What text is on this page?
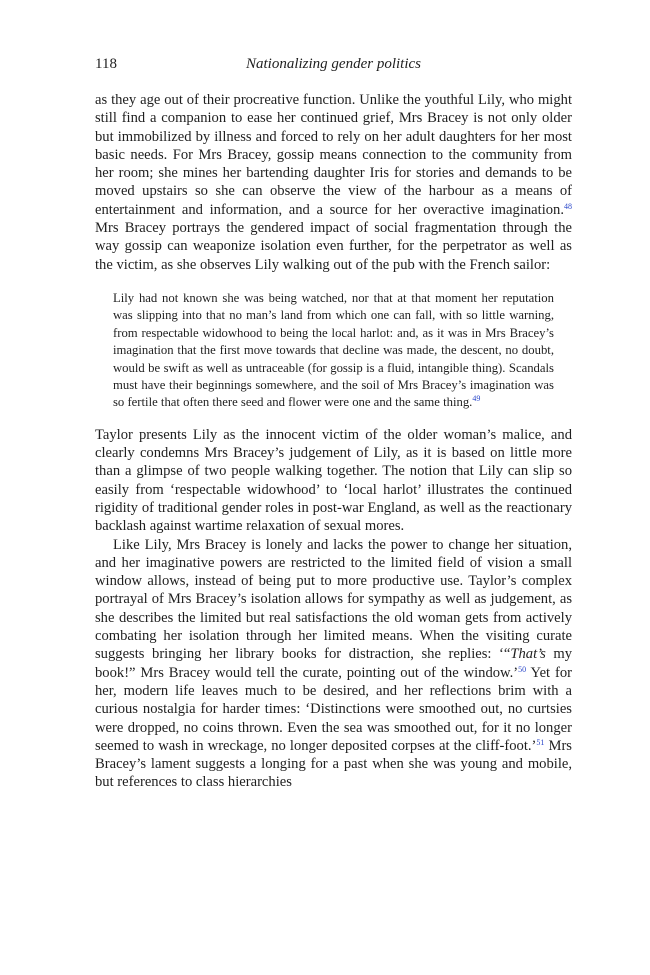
118	Nationalizing gender politics

as they age out of their procreative function. Unlike the youthful Lily, who might still find a companion to ease her continued grief, Mrs Bracey is not only older but immobilized by illness and forced to rely on her adult daughters for her most basic needs. For Mrs Bracey, gossip means connection to the community from her room; she mines her bartending daughter Iris for stories and demands to be moved upstairs so she can observe the view of the harbour as a means of entertainment and information, and a source for her overactive imagination.$^{48}$ Mrs Bracey portrays the gendered impact of social fragmentation through the way gossip can weaponize isolation even further, for the perpetrator as well as the victim, as she observes Lily walking out of the pub with the French sailor:

Lily had not known she was being watched, nor that at that moment her reputation was slipping into that no man’s land from which one can fall, with so little warning, from respectable widowhood to being the local harlot: and, as it was in Mrs Bracey’s imagination that the first move towards that decline was made, the descent, no doubt, would be swift as well as untraceable (for gossip is a fluid, intangible thing). Scandals must have their beginnings somewhere, and the soil of Mrs Bracey’s imagination was so fertile that often there seed and flower were one and the same thing.$^{49}$

Taylor presents Lily as the innocent victim of the older woman’s malice, and clearly condemns Mrs Bracey’s judgement of Lily, as it is based on little more than a glimpse of two people walking together. The notion that Lily can slip so easily from ‘respectable widowhood’ to ‘local harlot’ illustrates the continued rigidity of traditional gender roles in post-war England, as well as the reactionary backlash against wartime relaxation of sexual mores.

Like Lily, Mrs Bracey is lonely and lacks the power to change her situation, and her imaginative powers are restricted to the limited field of vision a small window allows, instead of being put to more productive use. Taylor’s complex portrayal of Mrs Bracey’s isolation allows for sympathy as well as judgement, as she describes the limited but real satisfactions the old woman gets from actively combating her isolation through her limited means. When the visiting curate suggests bringing her library books for distraction, she replies: ‘“That’s my book!” Mrs Bracey would tell the curate, pointing out of the window.’$^{50}$ Yet for her, modern life leaves much to be desired, and her reflections brim with a curious nostalgia for harder times: ‘Distinctions were smoothed out, no curtsies were dropped, no coins thrown. Even the sea was smoothed out, for it no longer seemed to wash in wreckage, no longer deposited corpses at the cliff-foot.’$^{51}$ Mrs Bracey’s lament suggests a longing for a past when she was young and mobile, but references to class hierarchies
